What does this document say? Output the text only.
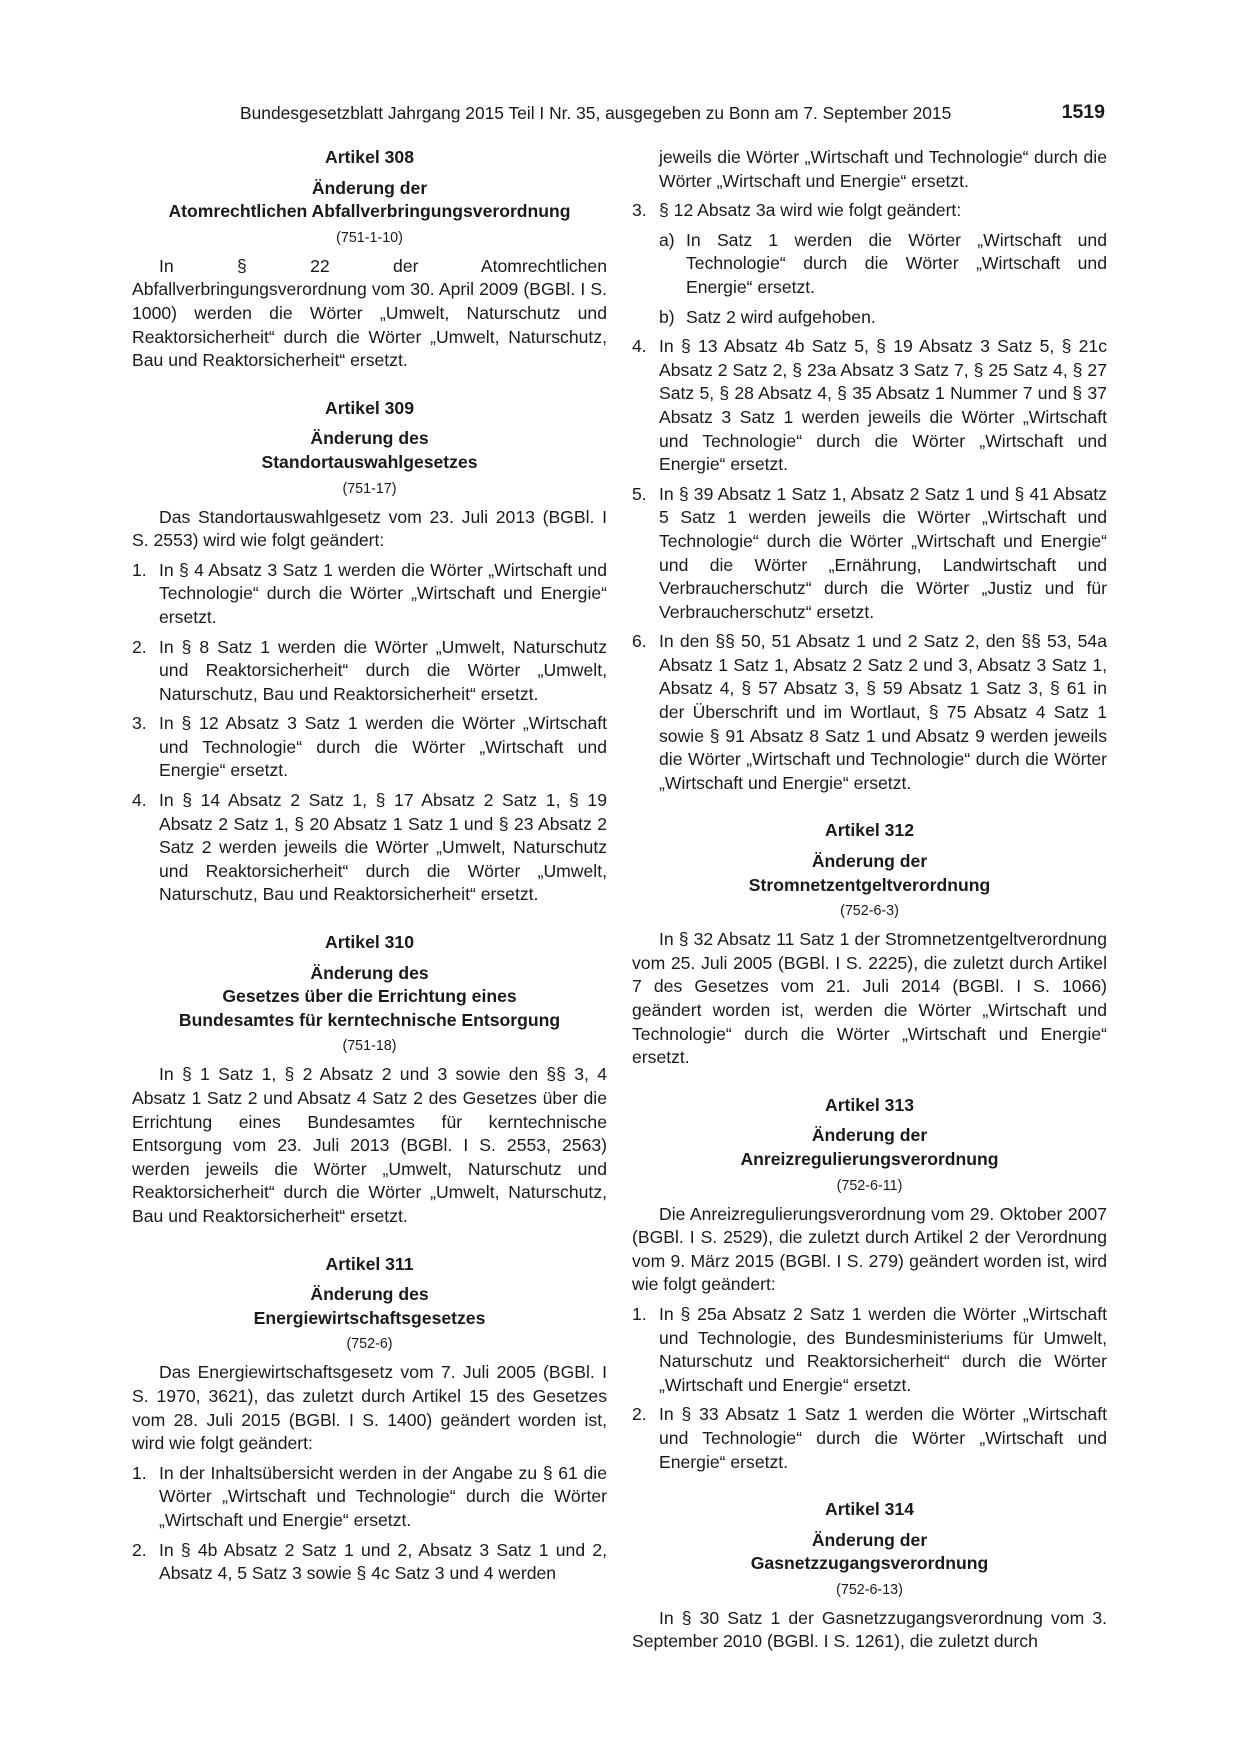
Bundesgesetzblatt Jahrgang 2015 Teil I Nr. 35, ausgegeben zu Bonn am 7. September 2015	1519

Artikel 308

Änderung der

Atomrechtlichen Abfallverbringungsverordnung

(751-1-10)

In § 22 der Atomrechtlichen Abfallverbringungsverordnung vom 30. April 2009 (BGBl. I S. 1000) werden die Wörter „Umwelt, Naturschutz und Reaktorsicherheit“ durch die Wörter „Umwelt, Naturschutz, Bau und Reaktorsicherheit“ ersetzt.

Artikel 309

Änderung des

Standortauswahlgesetzes

(751-17)

Das Standortauswahlgesetz vom 23. Juli 2013 (BGBl. I S. 2553) wird wie folgt geändert:

1. In § 4 Absatz 3 Satz 1 werden die Wörter „Wirtschaft und Technologie“ durch die Wörter „Wirtschaft und Energie“ ersetzt.
2. In § 8 Satz 1 werden die Wörter „Umwelt, Naturschutz und Reaktorsicherheit“ durch die Wörter „Umwelt, Naturschutz, Bau und Reaktorsicherheit“ ersetzt.
3. In § 12 Absatz 3 Satz 1 werden die Wörter „Wirtschaft und Technologie“ durch die Wörter „Wirtschaft und Energie“ ersetzt.
4. In § 14 Absatz 2 Satz 1, § 17 Absatz 2 Satz 1, § 19 Absatz 2 Satz 1, § 20 Absatz 1 Satz 1 und § 23 Absatz 2 Satz 2 werden jeweils die Wörter „Umwelt, Naturschutz und Reaktorsicherheit“ durch die Wörter „Umwelt, Naturschutz, Bau und Reaktorsicherheit“ ersetzt.

Artikel 310

Änderung des

Gesetzes über die Errichtung eines

Bundesamtes für kerntechnische Entsorgung

(751-18)

In § 1 Satz 1, § 2 Absatz 2 und 3 sowie den §§ 3, 4 Absatz 1 Satz 2 und Absatz 4 Satz 2 des Gesetzes über die Errichtung eines Bundesamtes für kerntechnische Entsorgung vom 23. Juli 2013 (BGBl. I S. 2553, 2563) werden jeweils die Wörter „Umwelt, Naturschutz und Reaktorsicherheit“ durch die Wörter „Umwelt, Naturschutz, Bau und Reaktorsicherheit“ ersetzt.

Artikel 311

Änderung des

Energiewirtschaftsgesetzes

(752-6)

Das Energiewirtschaftsgesetz vom 7. Juli 2005 (BGBl. I S. 1970, 3621), das zuletzt durch Artikel 15 des Gesetzes vom 28. Juli 2015 (BGBl. I S. 1400) geändert worden ist, wird wie folgt geändert:

1. In der Inhaltsübersicht werden in der Angabe zu § 61 die Wörter „Wirtschaft und Technologie“ durch die Wörter „Wirtschaft und Energie“ ersetzt.
2. In § 4b Absatz 2 Satz 1 und 2, Absatz 3 Satz 1 und 2, Absatz 4, 5 Satz 3 sowie § 4c Satz 3 und 4 werden

jeweils die Wörter „Wirtschaft und Technologie“ durch die Wörter „Wirtschaft und Energie“ ersetzt.

3. § 12 Absatz 3a wird wie folgt geändert:
a) In Satz 1 werden die Wörter „Wirtschaft und Technologie“ durch die Wörter „Wirtschaft und Energie“ ersetzt.
b) Satz 2 wird aufgehoben.
4. In § 13 Absatz 4b Satz 5, § 19 Absatz 3 Satz 5, § 21c Absatz 2 Satz 2, § 23a Absatz 3 Satz 7, § 25 Satz 4, § 27 Satz 5, § 28 Absatz 4, § 35 Absatz 1 Nummer 7 und § 37 Absatz 3 Satz 1 werden jeweils die Wörter „Wirtschaft und Technologie“ durch die Wörter „Wirtschaft und Energie“ ersetzt.
5. In § 39 Absatz 1 Satz 1, Absatz 2 Satz 1 und § 41 Absatz 5 Satz 1 werden jeweils die Wörter „Wirtschaft und Technologie“ durch die Wörter „Wirtschaft und Energie“ und die Wörter „Ernährung, Landwirtschaft und Verbraucherschutz“ durch die Wörter „Justiz und für Verbraucherschutz“ ersetzt.
6. In den §§ 50, 51 Absatz 1 und 2 Satz 2, den §§ 53, 54a Absatz 1 Satz 1, Absatz 2 Satz 2 und 3, Absatz 3 Satz 1, Absatz 4, § 57 Absatz 3, § 59 Absatz 1 Satz 3, § 61 in der Überschrift und im Wortlaut, § 75 Absatz 4 Satz 1 sowie § 91 Absatz 8 Satz 1 und Absatz 9 werden jeweils die Wörter „Wirtschaft und Technologie“ durch die Wörter „Wirtschaft und Energie“ ersetzt.

Artikel 312

Änderung der

Stromnetzentgeltverordnung

(752-6-3)

In § 32 Absatz 11 Satz 1 der Stromnetzentgeltverordnung vom 25. Juli 2005 (BGBl. I S. 2225), die zuletzt durch Artikel 7 des Gesetzes vom 21. Juli 2014 (BGBl. I S. 1066) geändert worden ist, werden die Wörter „Wirtschaft und Technologie“ durch die Wörter „Wirtschaft und Energie“ ersetzt.

Artikel 313

Änderung der

Anreizregulierungsverordnung

(752-6-11)

Die Anreizregulierungsverordnung vom 29. Oktober 2007 (BGBl. I S. 2529), die zuletzt durch Artikel 2 der Verordnung vom 9. März 2015 (BGBl. I S. 279) geändert worden ist, wird wie folgt geändert:

1. In § 25a Absatz 2 Satz 1 werden die Wörter „Wirtschaft und Technologie, des Bundesministeriums für Umwelt, Naturschutz und Reaktorsicherheit“ durch die Wörter „Wirtschaft und Energie“ ersetzt.
2. In § 33 Absatz 1 Satz 1 werden die Wörter „Wirtschaft und Technologie“ durch die Wörter „Wirtschaft und Energie“ ersetzt.

Artikel 314

Änderung der

Gasnetzzugangsverordnung

(752-6-13)

In § 30 Satz 1 der Gasnetzzugangsverordnung vom 3. September 2010 (BGBl. I S. 1261), die zuletzt durch
